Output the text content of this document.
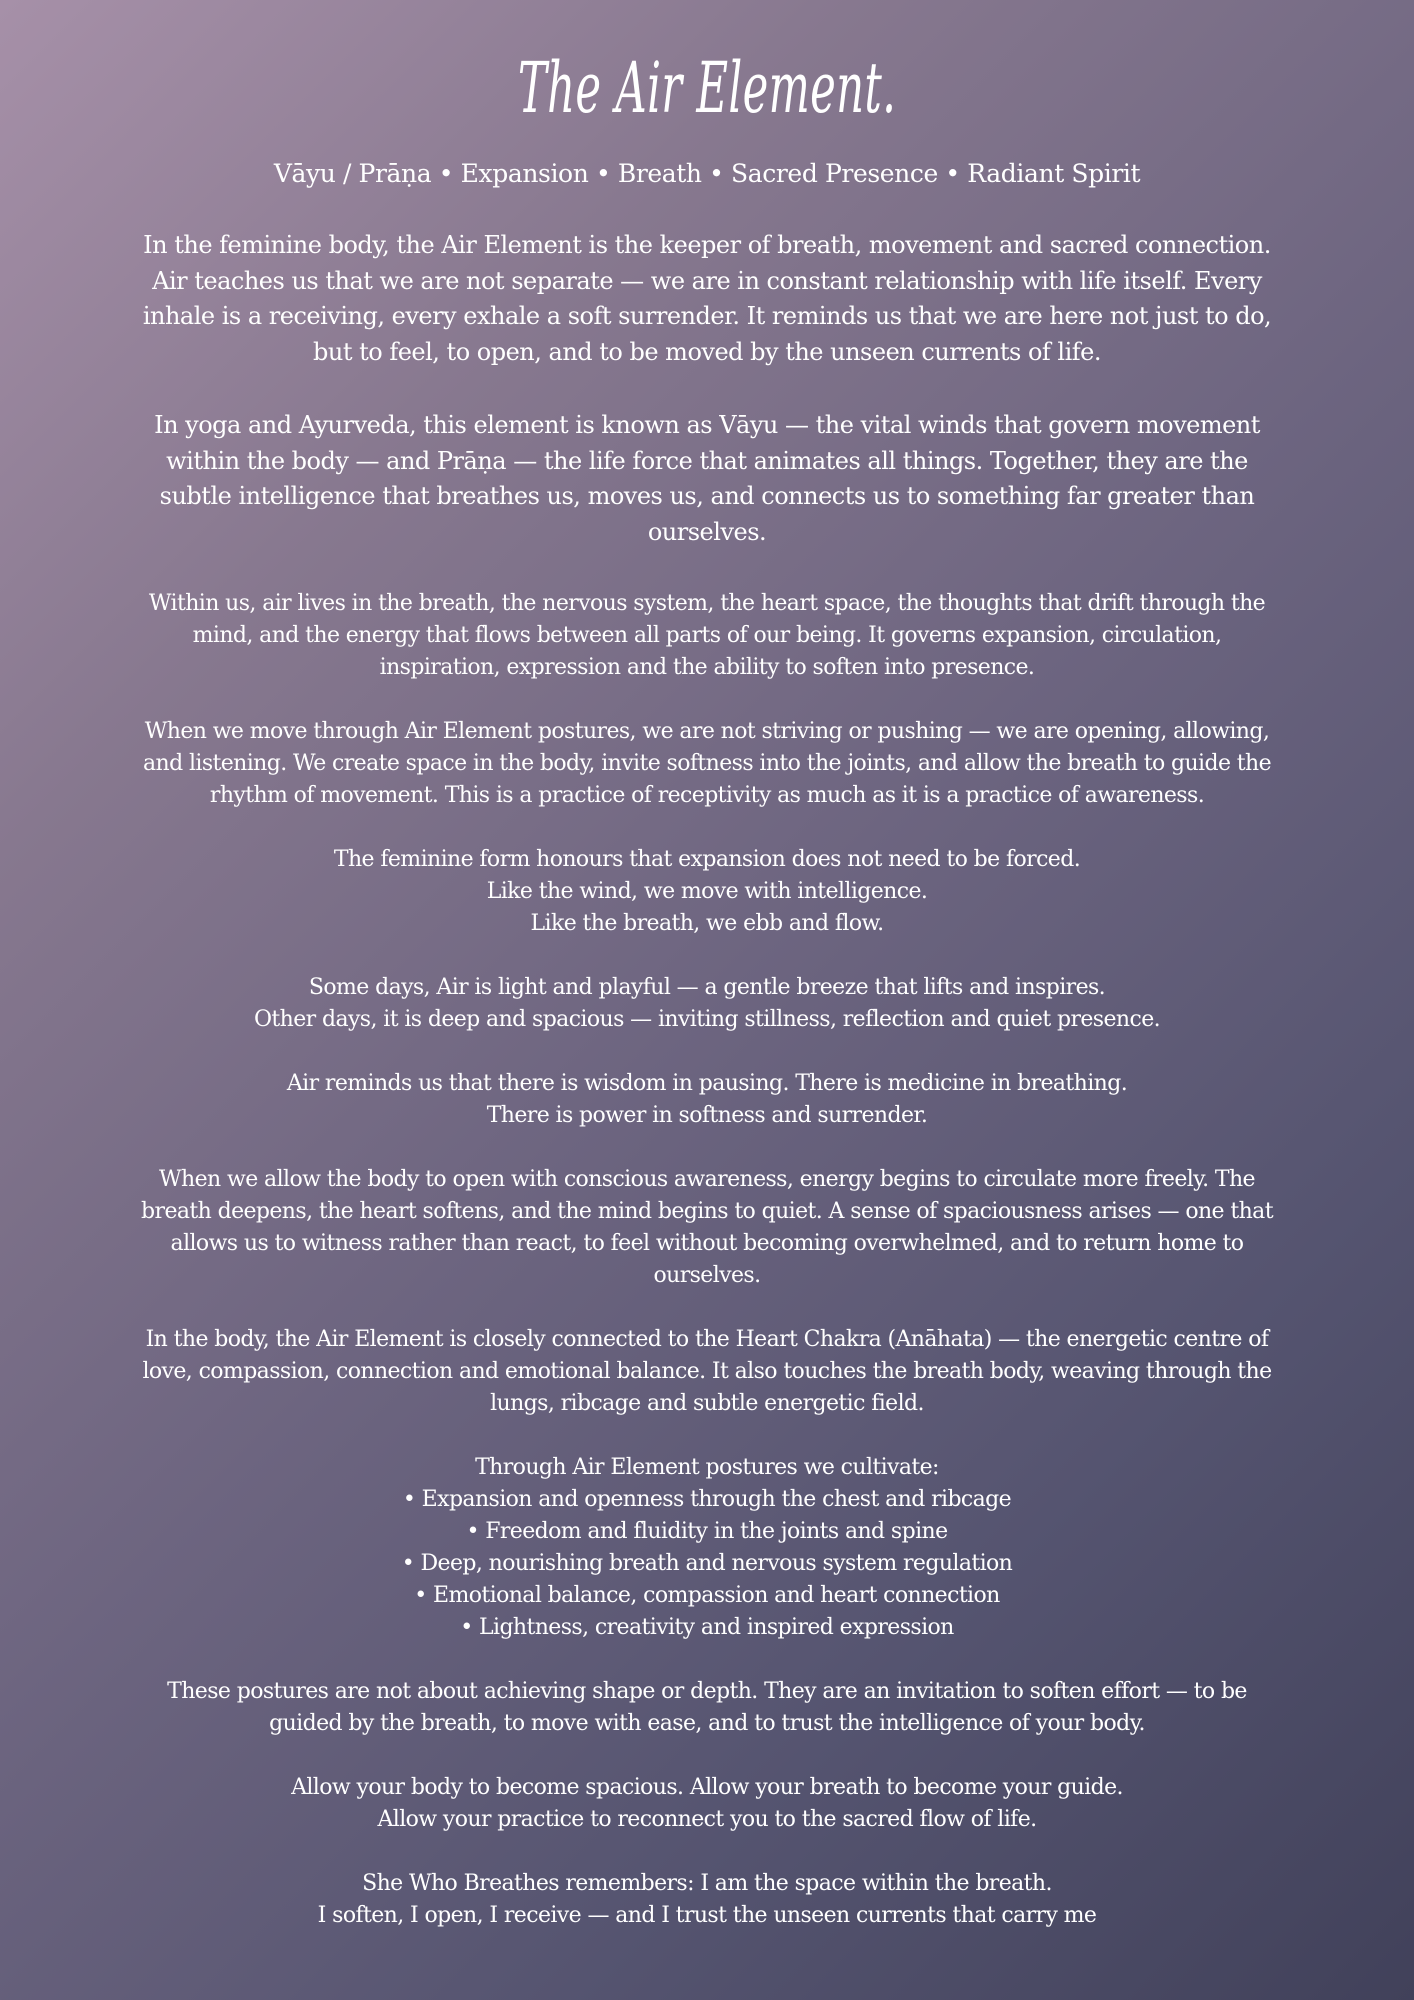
The Air Element.
Vāyu / Prāṇa • Expansion • Breath • Sacred Presence • Radiant Spirit
In the feminine body, the Air Element is the keeper of breath, movement and sacred connection.
Air teaches us that we are not separate — we are in constant relationship with life itself. Every inhale is a receiving, every exhale a soft surrender. It reminds us that we are here not just to do, but to feel, to open, and to be moved by the unseen currents of life.
In yoga and Ayurveda, this element is known as Vāyu — the vital winds that govern movement within the body — and Prāṇa — the life force that animates all things. Together, they are the subtle intelligence that breathes us, moves us, and connects us to something far greater than ourselves.
Within us, air lives in the breath, the nervous system, the heart space, the thoughts that drift through the mind, and the energy that flows between all parts of our being. It governs expansion, circulation, inspiration, expression and the ability to soften into presence.
When we move through Air Element postures, we are not striving or pushing — we are opening, allowing, and listening. We create space in the body, invite softness into the joints, and allow the breath to guide the rhythm of movement. This is a practice of receptivity as much as it is a practice of awareness.
The feminine form honours that expansion does not need to be forced.
Like the wind, we move with intelligence.
Like the breath, we ebb and flow.
Some days, Air is light and playful — a gentle breeze that lifts and inspires.
Other days, it is deep and spacious — inviting stillness, reflection and quiet presence.
Air reminds us that there is wisdom in pausing. There is medicine in breathing.
There is power in softness and surrender.
When we allow the body to open with conscious awareness, energy begins to circulate more freely. The breath deepens, the heart softens, and the mind begins to quiet. A sense of spaciousness arises — one that allows us to witness rather than react, to feel without becoming overwhelmed, and to return home to ourselves.
In the body, the Air Element is closely connected to the Heart Chakra (Anāhata) — the energetic centre of love, compassion, connection and emotional balance. It also touches the breath body, weaving through the lungs, ribcage and subtle energetic field.
Through Air Element postures we cultivate:
• Expansion and openness through the chest and ribcage
• Freedom and fluidity in the joints and spine
• Deep, nourishing breath and nervous system regulation
• Emotional balance, compassion and heart connection
• Lightness, creativity and inspired expression
These postures are not about achieving shape or depth. They are an invitation to soften effort — to be guided by the breath, to move with ease, and to trust the intelligence of your body.
Allow your body to become spacious. Allow your breath to become your guide.
Allow your practice to reconnect you to the sacred flow of life.
She Who Breathes remembers: I am the space within the breath.
I soften, I open, I receive — and I trust the unseen currents that carry me
